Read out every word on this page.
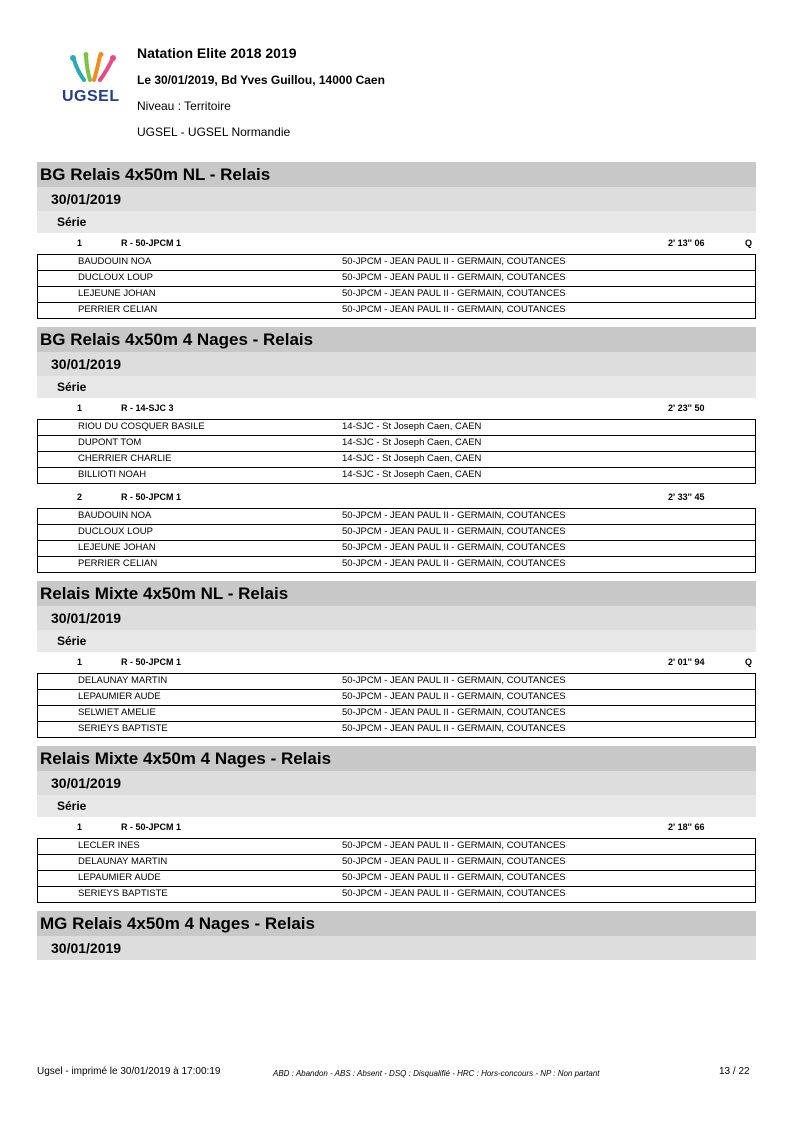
UGSEL
Natation Elite 2018 2019
Le 30/01/2019, Bd Yves Guillou, 14000 Caen
Niveau : Territoire
UGSEL - UGSEL Normandie
BG Relais 4x50m NL - Relais
30/01/2019
Série
1	R - 50-JPCM 1	2' 13'' 06	Q
BAUDOUIN NOA	50-JPCM - JEAN PAUL II - GERMAIN, COUTANCES
DUCLOUX LOUP	50-JPCM - JEAN PAUL II - GERMAIN, COUTANCES
LEJEUNE JOHAN	50-JPCM - JEAN PAUL II - GERMAIN, COUTANCES
PERRIER CELIAN	50-JPCM - JEAN PAUL II - GERMAIN, COUTANCES
BG Relais 4x50m 4 Nages - Relais
30/01/2019
Série
1	R - 14-SJC 3	2' 23'' 50
RIOU DU COSQUER BASILE	14-SJC - St Joseph Caen, CAEN
DUPONT TOM	14-SJC - St Joseph Caen, CAEN
CHERRIER CHARLIE	14-SJC - St Joseph Caen, CAEN
BILLIOTI NOAH	14-SJC - St Joseph Caen, CAEN
2	R - 50-JPCM 1	2' 33'' 45
BAUDOUIN NOA	50-JPCM - JEAN PAUL II - GERMAIN, COUTANCES
DUCLOUX LOUP	50-JPCM - JEAN PAUL II - GERMAIN, COUTANCES
LEJEUNE JOHAN	50-JPCM - JEAN PAUL II - GERMAIN, COUTANCES
PERRIER CELIAN	50-JPCM - JEAN PAUL II - GERMAIN, COUTANCES
Relais Mixte 4x50m NL - Relais
30/01/2019
Série
1	R - 50-JPCM 1	2' 01'' 94	Q
DELAUNAY MARTIN	50-JPCM - JEAN PAUL II - GERMAIN, COUTANCES
LEPAUMIER AUDE	50-JPCM - JEAN PAUL II - GERMAIN, COUTANCES
SELWIET AMELIE	50-JPCM - JEAN PAUL II - GERMAIN, COUTANCES
SERIEYS BAPTISTE	50-JPCM - JEAN PAUL II - GERMAIN, COUTANCES
Relais Mixte 4x50m 4 Nages - Relais
30/01/2019
Série
1	R - 50-JPCM 1	2' 18'' 66
LECLER INES	50-JPCM - JEAN PAUL II - GERMAIN, COUTANCES
DELAUNAY MARTIN	50-JPCM - JEAN PAUL II - GERMAIN, COUTANCES
LEPAUMIER AUDE	50-JPCM - JEAN PAUL II - GERMAIN, COUTANCES
SERIEYS BAPTISTE	50-JPCM - JEAN PAUL II - GERMAIN, COUTANCES
MG Relais 4x50m 4 Nages - Relais
30/01/2019
Ugsel - imprimé le 30/01/2019 à 17:00:19	ABD : Abandon - ABS : Absent - DSQ : Disqualifié - HRC : Hors-concours - NP : Non partant	13 / 22
